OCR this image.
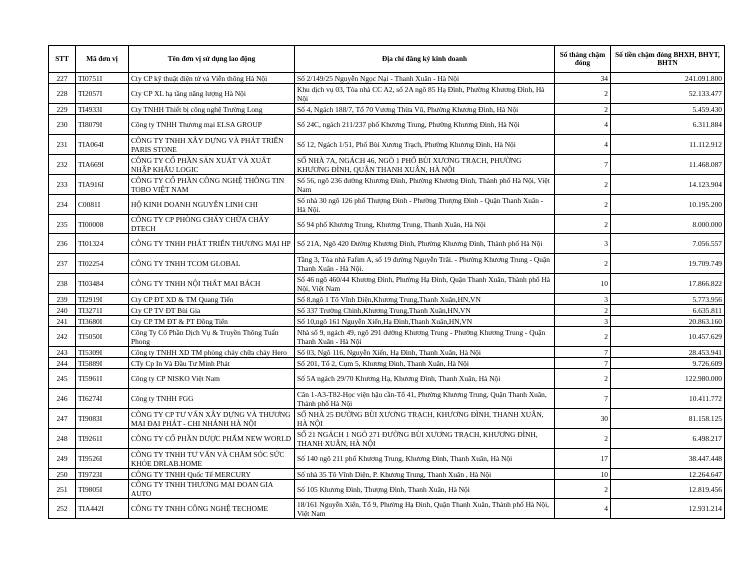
STT	Mã đơn vị	Tên đơn vị sử dụng lao động	Địa chỉ đăng ký kinh doanh	Số tháng chậm đóng	Số tiền chậm đóng BHXH, BHYT, BHTN
227	TI0751I	Cty CP kỹ thuật điện tử và Viễn thông Hà Nội	Số 2/149/25 Nguyễn Ngọc Nại - Thanh Xuân - Hà Nội	34	241.091.800
228	TI2057I	Cty CP XL hạ tầng năng lượng Hà Nội	Khu dịch vụ 03, Tòa nhà CC A2, số 2A ngõ 85 Hạ Đình, Phường Khương Đình, Hà Nội	2	52.133.477
229	TI4933I	Cty TNHH Thiết bị công nghệ Trường Long	Số 4, Ngách 188/7, Tổ 70 Vương Thừa Vũ, Phường Khương Đình, Hà Nội	2	5.459.430
230	TI8079I	Công ty TNHH Thương mại ELSA GROUP	Số 24C, ngách 211/237 phố Khương Trung, Phường Khương Đình, Hà Nội	4	6.311.884
231	TIA064I	CÔNG TY TNHH XÂY DỰNG VÀ PHÁT TRIỂN PARIS STONE	Số 12, Ngách 1/51, Phố Bùi Xương Trạch, Phường Khương Đình, Hà Nội	4	11.112.912
232	TIA669I	CÔNG TY CỔ PHẦN SẢN XUẤT VÀ XUẤT NHẬP KHẨU LOGIC	SỐ NHÀ 7A, NGÁCH 46, NGÕ 1 PHỐ BÙI XƯƠNG TRẠCH, PHƯỜNG KHƯƠNG ĐÌNH, QUẬN THANH XUÂN, HÀ NỘI	7	11.468.087
233	TIA916I	CÔNG TY CỔ PHẦN CÔNG NGHỆ THÔNG TIN TOBO VIỆT NAM	Số 56, ngõ 236 đường Khương Đình, Phường Khương Đình, Thành phố Hà Nội, Việt Nam	2	14.123.904
234	C0081I	HỘ KINH DOANH NGUYỄN LINH CHI	Số nhà 30 ngõ 126 phố Thượng Đình - Phường Thượng Đình - Quận Thanh Xuân - Hà Nội.	2	10.195.200
235	TI00008	CÔNG TY CP PHÒNG CHÁY CHỮA CHÁY DTECH	Số 94 phố Khương Trung, Khương Trung, Thanh Xuân, Hà Nội	2	8.000.000
236	TI01324	CÔNG TY TNHH PHÁT TRIỂN THƯƠNG MẠI HP	Số 21A, Ngõ 420 Đường Khương Đình, Phường Khương Đình, Thành phố Hà Nội	3	7.056.557
237	TI02254	CÔNG TY TNHH TCOM GLOBAL	Tầng 3, Tòa nhà Fafim A, số 19 đường Nguyễn Trãi. - Phường Khương Trung - Quận Thanh Xuân - Hà Nội.	2	19.709.749
238	TI03484	CÔNG TY TNHH NỘI THẤT MAI BÁCH	Số 46 ngõ 460/44 Khương Đình, Phường Hạ Đình, Quận Thanh Xuân, Thành phố Hà Nội, Việt Nam	10	17.866.822
239	TI2919I	Cty CP ĐT XD & TM Quang Tiến	Số 8,ngõ 1 Tô Vĩnh Diện,Khương Trung,Thanh Xuân,HN,VN	3	5.773.956
240	TI3271I	Cty CP TV ĐT Bùi Gia	Số 337 Trường Chinh,Khương Trung,Thanh Xuân,HN,VN	2	6.635.811
241	TI3680I	Cty CP TM ĐT & PT Đồng Tiến	Số 10,ngõ 161 Nguyễn Xiển,Hạ Đình,Thanh Xuân,HN,VN	3	20.863.160
242	TI5050I	Công Ty Cổ Phần Dịch Vụ & Truyền Thông Tuấn Phong	Nhà số 9, ngách 49, ngõ 291 đường Khương Trung - Phường Khương Trung - Quận Thanh Xuân - Hà Nội	2	10.457.629
243	TI5309I	Công ty TNHH XD TM phòng cháy chữa cháy Hero	Số 03, Ngõ 116, Nguyễn Xiển, Hạ Đình, Thanh Xuân, Hà Nội	7	28.453.941
244	TI5889I	CTy Cp In Và Đầu Tư Minh Phát	Số 201, Tổ 2, Cụm 5, Khương Đình, Thanh Xuân, Hà Nội	7	9.726.609
245	TI5961I	Công ty CP NISKO Việt Nam	Số 5A ngách 29/70 Khương Hạ, Khương Đình, Thanh Xuân, Hà Nội	2	122.980.000
246	TI6274I	Công ty TNHH FGG	Căn 1-A3-T82-Học viện hậu cần-Tổ 41, Phường Khương Trung, Quận Thanh Xuân, Thành phố Hà Nội	7	10.411.772
247	TI9083I	CÔNG TY CP TƯ VẤN XÂY DỰNG VÀ THƯƠNG MẠI ĐẠI PHÁT - CHI NHÁNH HÀ NỘI	SỐ NHÀ 25 ĐƯỜNG BÙI XƯƠNG TRẠCH, KHƯƠNG ĐÌNH, THANH XUÂN, HÀ NỘI	30	81.158.125
248	TI9261I	CÔNG TY CỔ PHẦN DƯỢC PHẨM NEW WORLD	SỐ 21 NGÁCH 1 NGÕ 271 ĐƯỜNG BÙI XƯƠNG TRẠCH, KHƯƠNG ĐÌNH, THANH XUÂN, HÀ NỘI	2	6.498.217
249	TI9526I	CÔNG TY TNHH TƯ VẤN VÀ CHĂM SÓC SỨC KHỎE DRLAB.HOME	Số 140 ngõ 211 phố Khương Trung, Khương Đình, Thanh Xuân, Hà Nội	17	38.447.448
250	TI9723I	CÔNG TY TNHH Quốc Tế MERCURY	Số nhà 35 Tô Vĩnh Diện, P. Khương Trung, Thanh Xuân , Hà Nội	10	12.264.647
251	TI9805I	CÔNG TY TNHH THƯƠNG MẠI ĐOAN GIA AUTO	Số 105 Khương Đình, Thượng Đình, Thanh Xuân, Hà Nội	2	12.819.456
252	TIA442I	CÔNG TY TNHH CÔNG NGHỆ TECHOME	18/161 Nguyễn Xiển, Tổ 9, Phường Hạ Đình, Quận Thanh Xuân, Thành phố Hà Nội, Việt Nam	4	12.931.214
